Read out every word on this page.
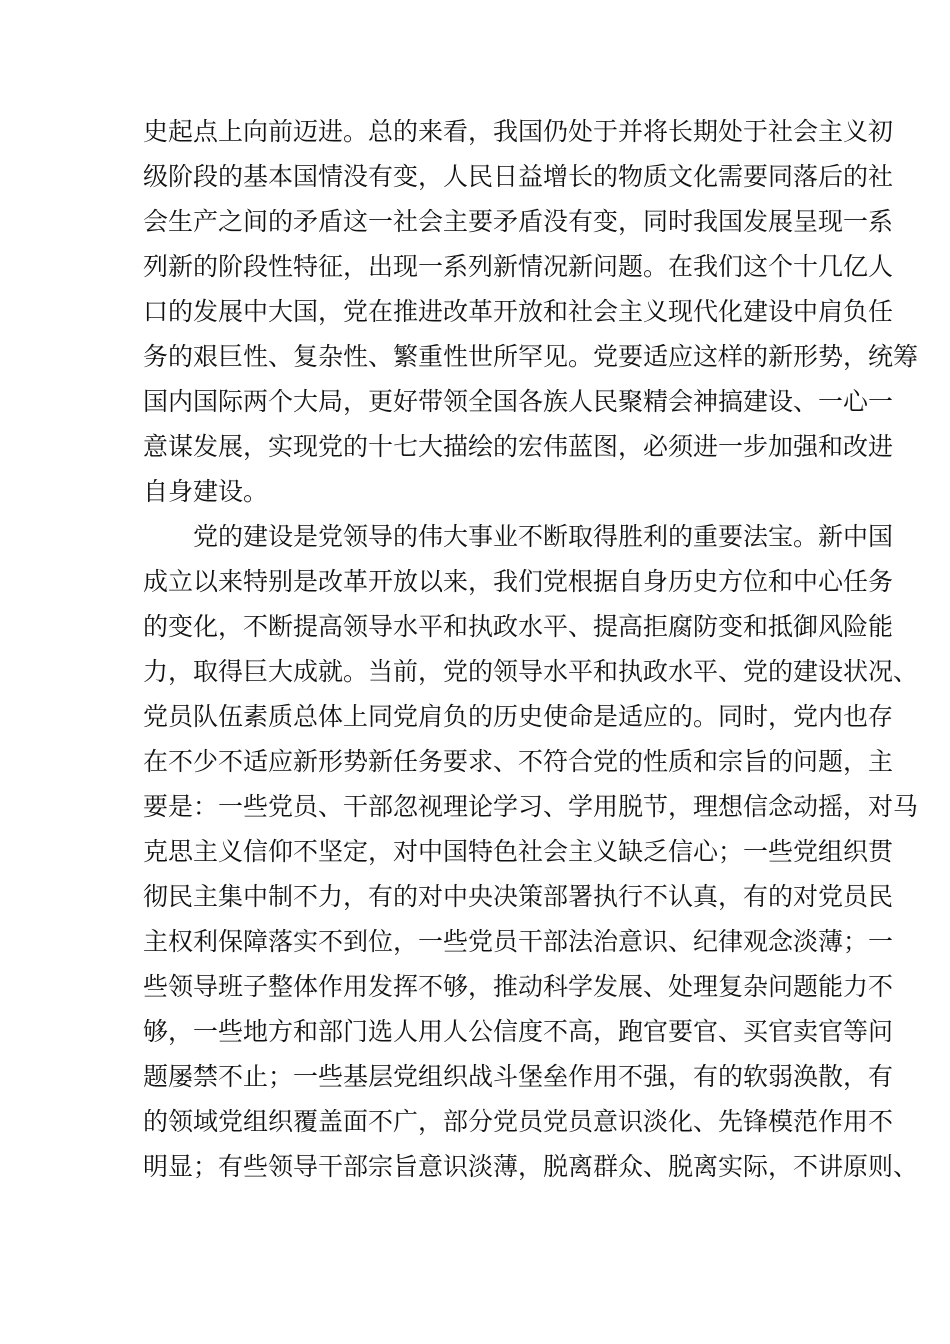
史起点上向前迈进。总的来看，我国仍处于并将长期处于社会主义初
级阶段的基本国情没有变，人民日益增长的物质文化需要同落后的社
会生产之间的矛盾这一社会主要矛盾没有变，同时我国发展呈现一系
列新的阶段性特征，出现一系列新情况新问题。在我们这个十几亿人
口的发展中大国，党在推进改革开放和社会主义现代化建设中肩负任
务的艰巨性、复杂性、繁重性世所罕见。党要适应这样的新形势，统筹
国内国际两个大局，更好带领全国各族人民聚精会神搞建设、一心一
意谋发展，实现党的十七大描绘的宏伟蓝图，必须进一步加强和改进
自身建设。
　　党的建设是党领导的伟大事业不断取得胜利的重要法宝。新中国
成立以来特别是改革开放以来，我们党根据自身历史方位和中心任务
的变化，不断提高领导水平和执政水平、提高拒腐防变和抵御风险能
力，取得巨大成就。当前，党的领导水平和执政水平、党的建设状况、
党员队伍素质总体上同党肩负的历史使命是适应的。同时，党内也存
在不少不适应新形势新任务要求、不符合党的性质和宗旨的问题，主
要是：一些党员、干部忽视理论学习、学用脱节，理想信念动摇，对马
克思主义信仰不坚定，对中国特色社会主义缺乏信心；一些党组织贯
彻民主集中制不力，有的对中央决策部署执行不认真，有的对党员民
主权利保障落实不到位，一些党员干部法治意识、纪律观念淡薄；一
些领导班子整体作用发挥不够，推动科学发展、处理复杂问题能力不
够，一些地方和部门选人用人公信度不高，跑官要官、买官卖官等问
题屡禁不止；一些基层党组织战斗堡垒作用不强，有的软弱涣散，有
的领域党组织覆盖面不广，部分党员党员意识淡化、先锋模范作用不
明显；有些领导干部宗旨意识淡薄，脱离群众、脱离实际，不讲原则、
